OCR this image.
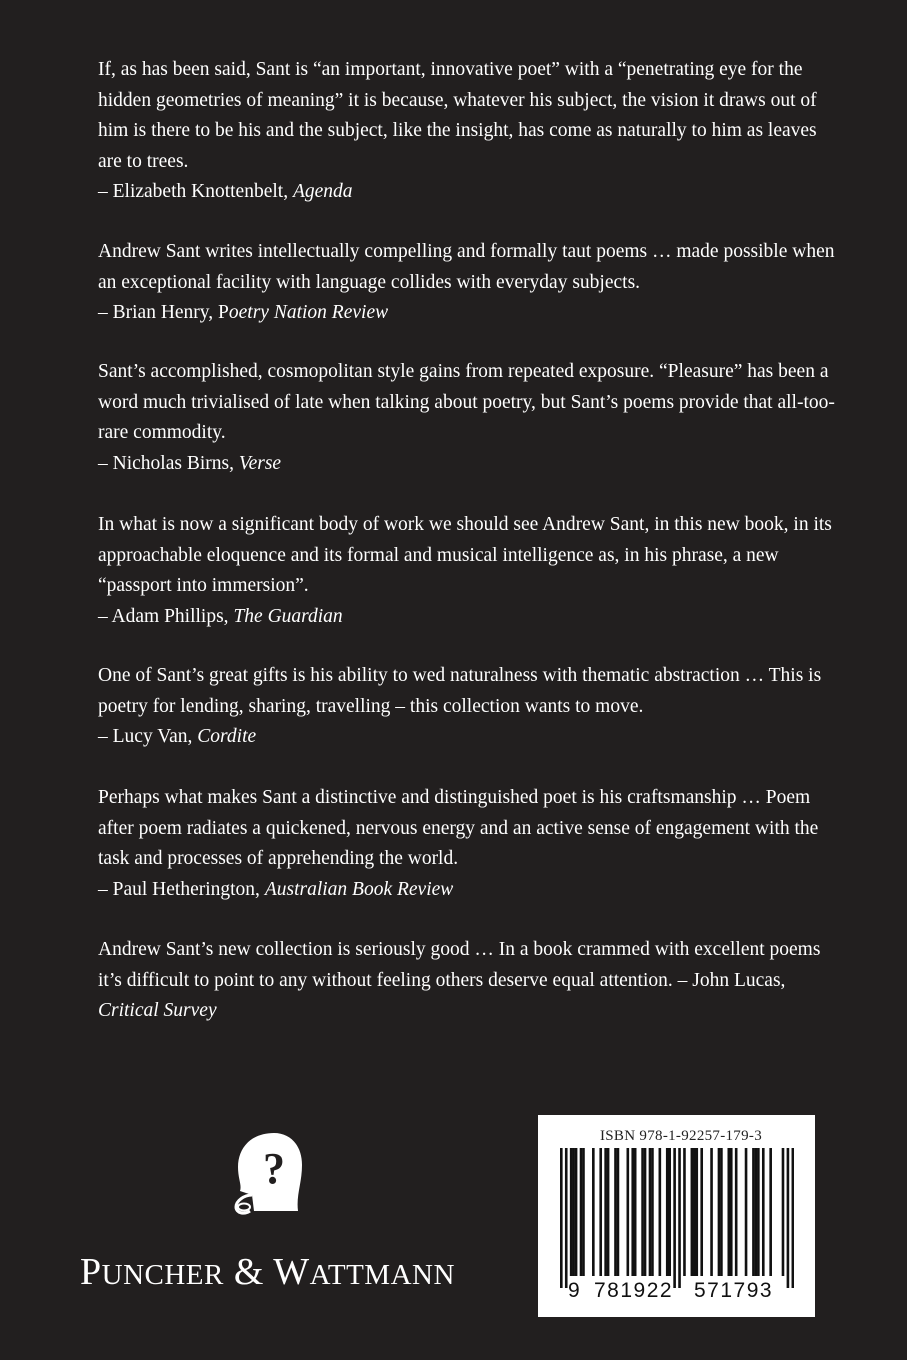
If, as has been said, Sant is “an important, innovative poet” with a “penetrating eye for the hidden geometries of meaning” it is because, whatever his subject, the vision it draws out of him is there to be his and the subject, like the insight, has come as naturally to him as leaves are to trees.

– Elizabeth Knottenbelt, Agenda

Andrew Sant writes intellectually compelling and formally taut poems … made possible when an exceptional facility with language collides with everyday subjects.

– Brian Henry, Poetry Nation Review

Sant’s accomplished, cosmopolitan style gains from repeated exposure. “Pleasure” has been a word much trivialised of late when talking about poetry, but Sant’s poems provide that all-too-rare commodity.

– Nicholas Birns, Verse

In what is now a significant body of work we should see Andrew Sant, in this new book, in its approachable eloquence and its formal and musical intelligence as, in his phrase, a new “passport into immersion”.

– Adam Phillips, The Guardian

One of Sant’s great gifts is his ability to wed naturalness with thematic abstraction … This is poetry for lending, sharing, travelling – this collection wants to move.

– Lucy Van, Cordite

Perhaps what makes Sant a distinctive and distinguished poet is his craftsmanship … Poem after poem radiates a quickened, nervous energy and an active sense of engagement with the task and processes of apprehending the world.

– Paul Hetherington, Australian Book Review

Andrew Sant’s new collection is seriously good … In a book crammed with excellent poems it’s difficult to point to any without feeling others deserve equal attention. – John Lucas, Critical Survey

?
PUNCHER & WATTMANN
ISBN 978-1-92257-179-3
9 781922 571793
